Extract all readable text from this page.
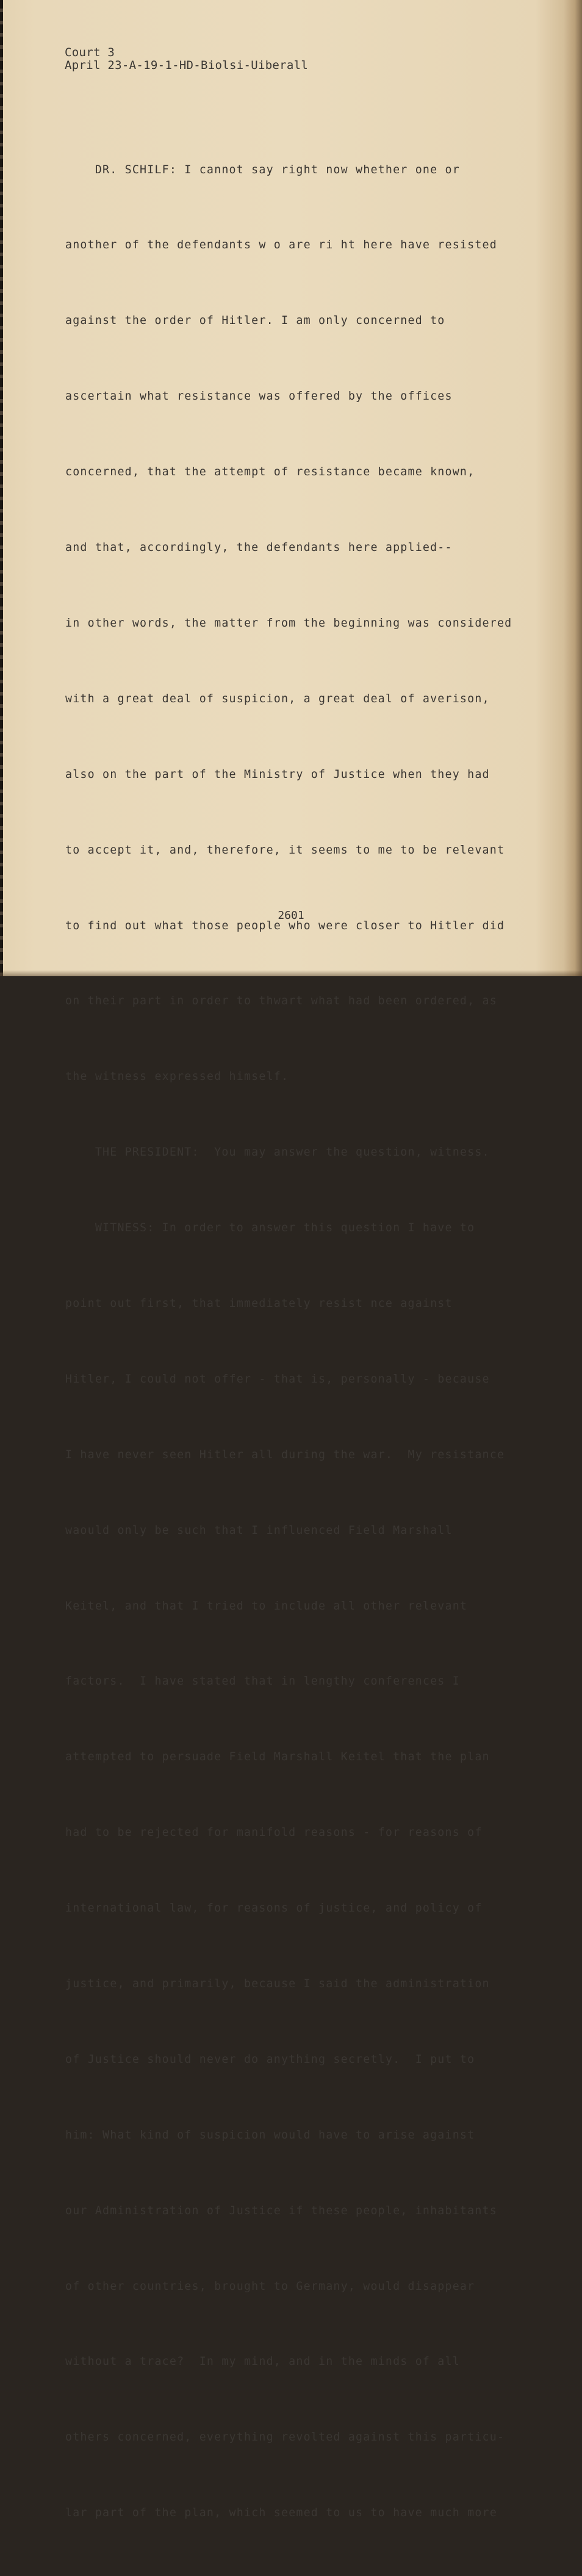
Court 3
April 23-A-19-1-HD-Biolsi-Uiberall

DR. SCHILF: I cannot say right now whether one or

another of the defendants w o are ri ht here have resisted

against the order of Hitler. I am only concerned to

ascertain what resistance was offered by the offices

concerned, that the attempt of resistance became known,

and that, accordingly, the defendants here applied--

in other words, the matter from the beginning was considered

with a great deal of suspicion, a great deal of averison,

also on the part of the Ministry of Justice when they had

to accept it, and, therefore, it seems to me to be relevant

to find out what those people who were closer to Hitler did

on their part in order to thwart what had been ordered, as

the witness expressed himself.

THE PRESIDENT:  You may answer the question, witness.

WITNESS: In order to answer this question I have to

point out first, that immediately resist nce against

Hitler, I could not offer - that is, personally - because

I have never seen Hitler all during the war.  My resistance

waould only be such that I influenced Field Marshall

Keitel, and that I tried to include all other relevant

factors.  I have stated that in lengthy conferences I

attempted to persuade Field Marshall Keitel that the plan

had to be rejected for manifold reasons - for reasons of

international law, for reasons of justice, and policy of

justice, and primarily, because I said the administration

of Justice should never do anything secretly.  I put to

him: What kind of suspicion would have to arise against

our Administration of Justice if these people, inhabitants

of other countries, brought to Germany, would disappear

without a trace?  In my mind, and in the minds of all

others concerned, everything revolted against this particu-

lar part of the plan, which seemed to us to have much more

2601
